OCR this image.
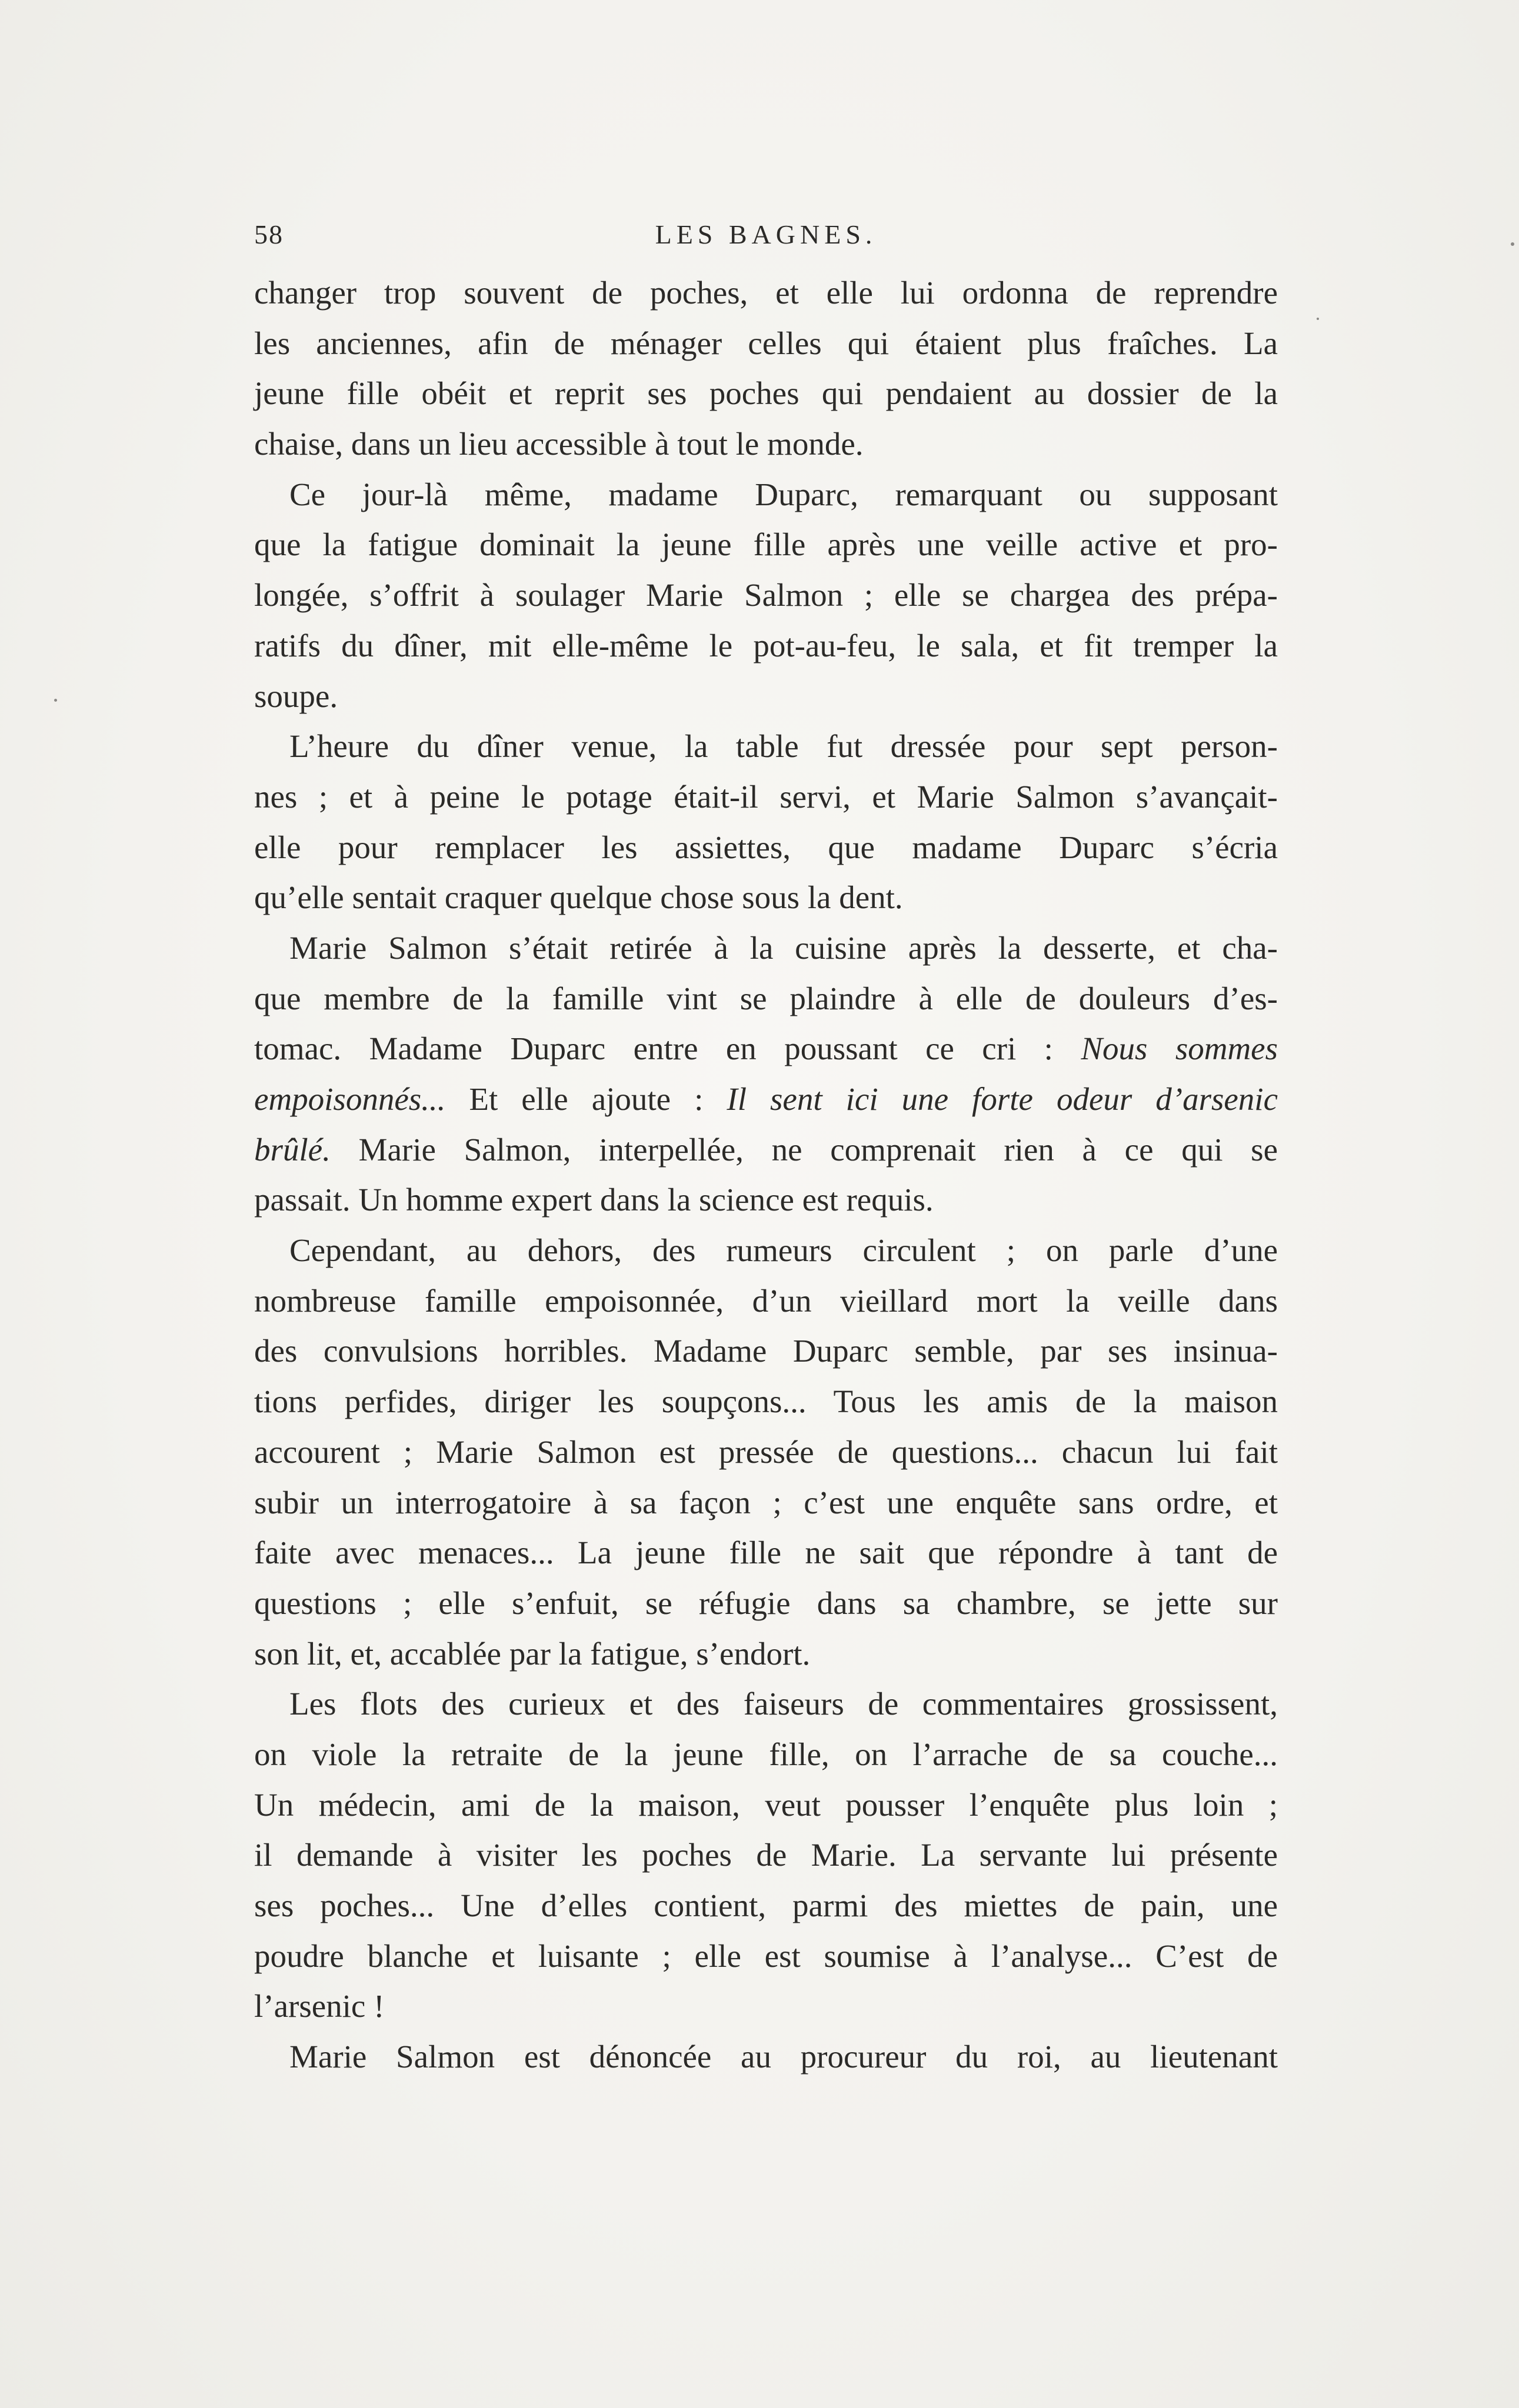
58	LES BAGNES.
changer trop souvent de poches, et elle lui ordonna de reprendre
les anciennes, afin de ménager celles qui étaient plus fraîches. La
jeune fille obéit et reprit ses poches qui pendaient au dossier de la
chaise, dans un lieu accessible à tout le monde.
Ce jour-là même, madame Duparc, remarquant ou supposant
que la fatigue dominait la jeune fille après une veille active et pro-
longée, s’offrit à soulager Marie Salmon ; elle se chargea des prépa-
ratifs du dîner, mit elle-même le pot-au-feu, le sala, et fit tremper la
soupe.
L’heure du dîner venue, la table fut dressée pour sept person-
nes ; et à peine le potage était-il servi, et Marie Salmon s’avançait-
elle pour remplacer les assiettes, que madame Duparc s’écria
qu’elle sentait craquer quelque chose sous la dent.
Marie Salmon s’était retirée à la cuisine après la desserte, et cha-
que membre de la famille vint se plaindre à elle de douleurs d’es-
tomac. Madame Duparc entre en poussant ce cri : Nous sommes
empoisonnés... Et elle ajoute : Il sent ici une forte odeur d’arsenic
brûlé. Marie Salmon, interpellée, ne comprenait rien à ce qui se
passait. Un homme expert dans la science est requis.
Cependant, au dehors, des rumeurs circulent ; on parle d’une
nombreuse famille empoisonnée, d’un vieillard mort la veille dans
des convulsions horribles. Madame Duparc semble, par ses insinua-
tions perfides, diriger les soupçons... Tous les amis de la maison
accourent ; Marie Salmon est pressée de questions... chacun lui fait
subir un interrogatoire à sa façon ; c’est une enquête sans ordre, et
faite avec menaces... La jeune fille ne sait que répondre à tant de
questions ; elle s’enfuit, se réfugie dans sa chambre, se jette sur
son lit, et, accablée par la fatigue, s’endort.
Les flots des curieux et des faiseurs de commentaires grossissent,
on viole la retraite de la jeune fille, on l’arrache de sa couche...
Un médecin, ami de la maison, veut pousser l’enquête plus loin ;
il demande à visiter les poches de Marie. La servante lui présente
ses poches... Une d’elles contient, parmi des miettes de pain, une
poudre blanche et luisante ; elle est soumise à l’analyse... C’est de
l’arsenic !
Marie Salmon est dénoncée au procureur du roi, au lieutenant
